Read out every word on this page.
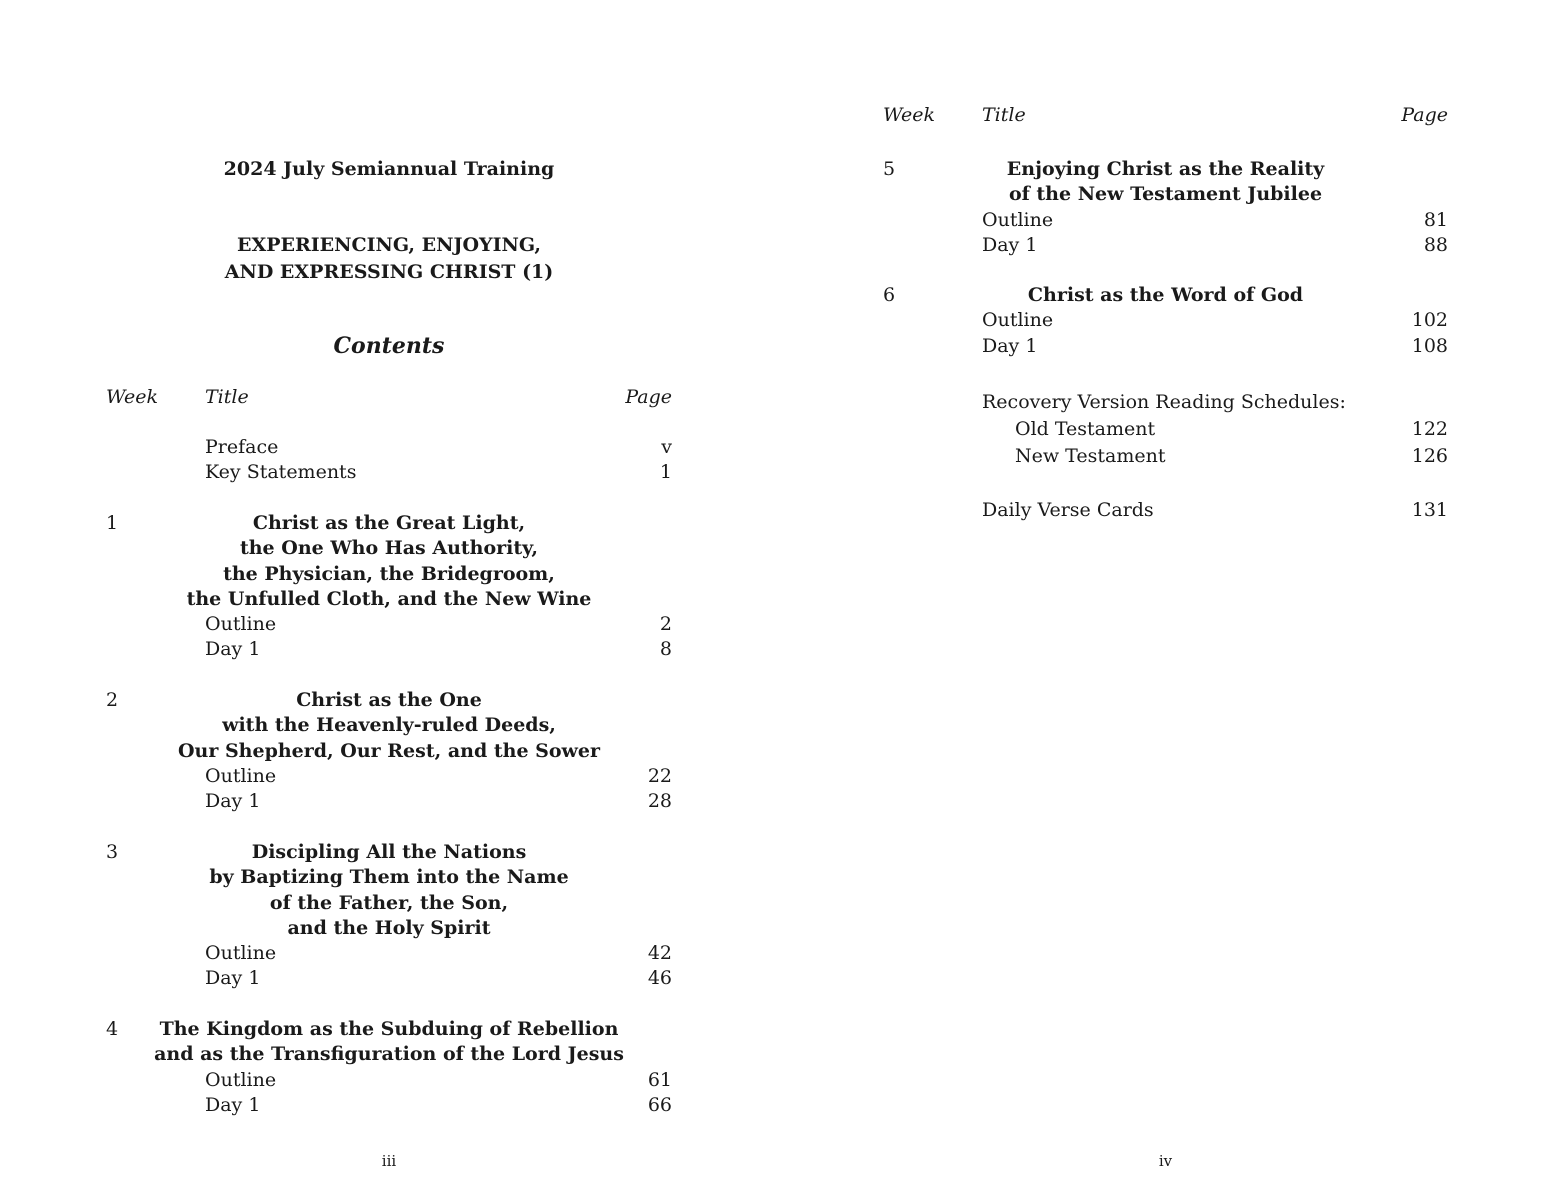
2024 July Semiannual Training
EXPERIENCING, ENJOYING,
AND EXPRESSING CHRIST (1)
Contents
Week Title	Page
Preface	v
Key Statements	1
1	Christ as the Great Light,
the One Who Has Authority,
the Physician, the Bridegroom,
the Unfulled Cloth, and the New Wine
Outline	2
Day 1	8
2	Christ as the One
with the Heavenly-ruled Deeds,
Our Shepherd, Our Rest, and the Sower
Outline	22
Day 1	28
3	Discipling All the Nations
by Baptizing Them into the Name
of the Father, the Son,
and the Holy Spirit
Outline	42
Day 1	46
4	The Kingdom as the Subduing of Rebellion
and as the Transfiguration of the Lord Jesus
Outline	61
Day 1	66
iii
Week Title	Page
5	Enjoying Christ as the Reality
of the New Testament Jubilee
Outline	81
Day 1	88
6	Christ as the Word of God
Outline	102
Day 1	108
Recovery Version Reading Schedules:
Old Testament	122
New Testament	126
Daily Verse Cards	131
iv
